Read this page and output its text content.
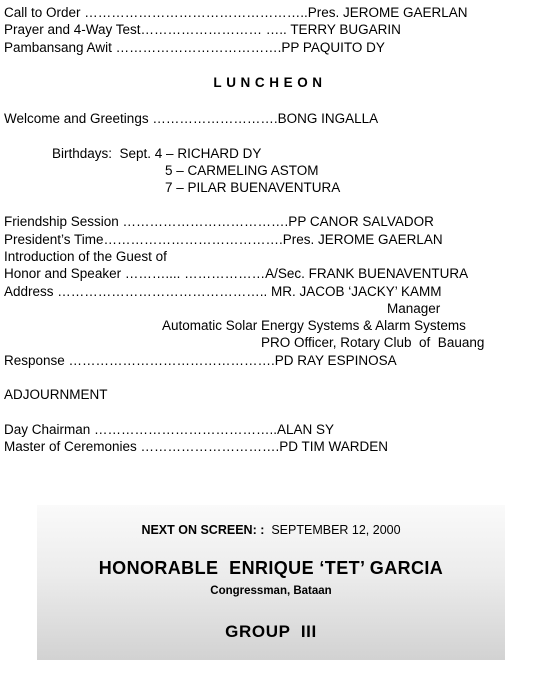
Call to Order …………………………………………..Pres. JEROME GAERLAN
Prayer and 4-Way Test……………………… ….. TERRY BUGARIN
Pambansang Awit ……………………………….PP PAQUITO DY
LUNCHEON
Welcome and Greetings ……………………….BONG INGALLA
Birthdays:  Sept. 4 – RICHARD DY
5 – CARMELING ASTOM
7 – PILAR BUENAVENTURA
Friendship Session ……………………………….PP CANOR SALVADOR
President’s Time………………………………….Pres. JEROME GAERLAN
Introduction of the Guest of
Honor and Speaker ……….... ………………A/Sec. FRANK BUENAVENTURA
Address ……………………………………….. MR. JACOB ‘JACKY’ KAMM
Manager
Automatic Solar Energy Systems & Alarm Systems
PRO Officer, Rotary Club  of  Bauang
Response ……………………………………….PD RAY ESPINOSA
ADJOURNMENT
Day Chairman …………………………………..ALAN SY
Master of Ceremonies ………………………….PD TIM WARDEN
NEXT ON SCREEN: : SEPTEMBER 12, 2000
HONORABLE  ENRIQUE ‘TET’ GARCIA
Congressman, Bataan
GROUP  III
